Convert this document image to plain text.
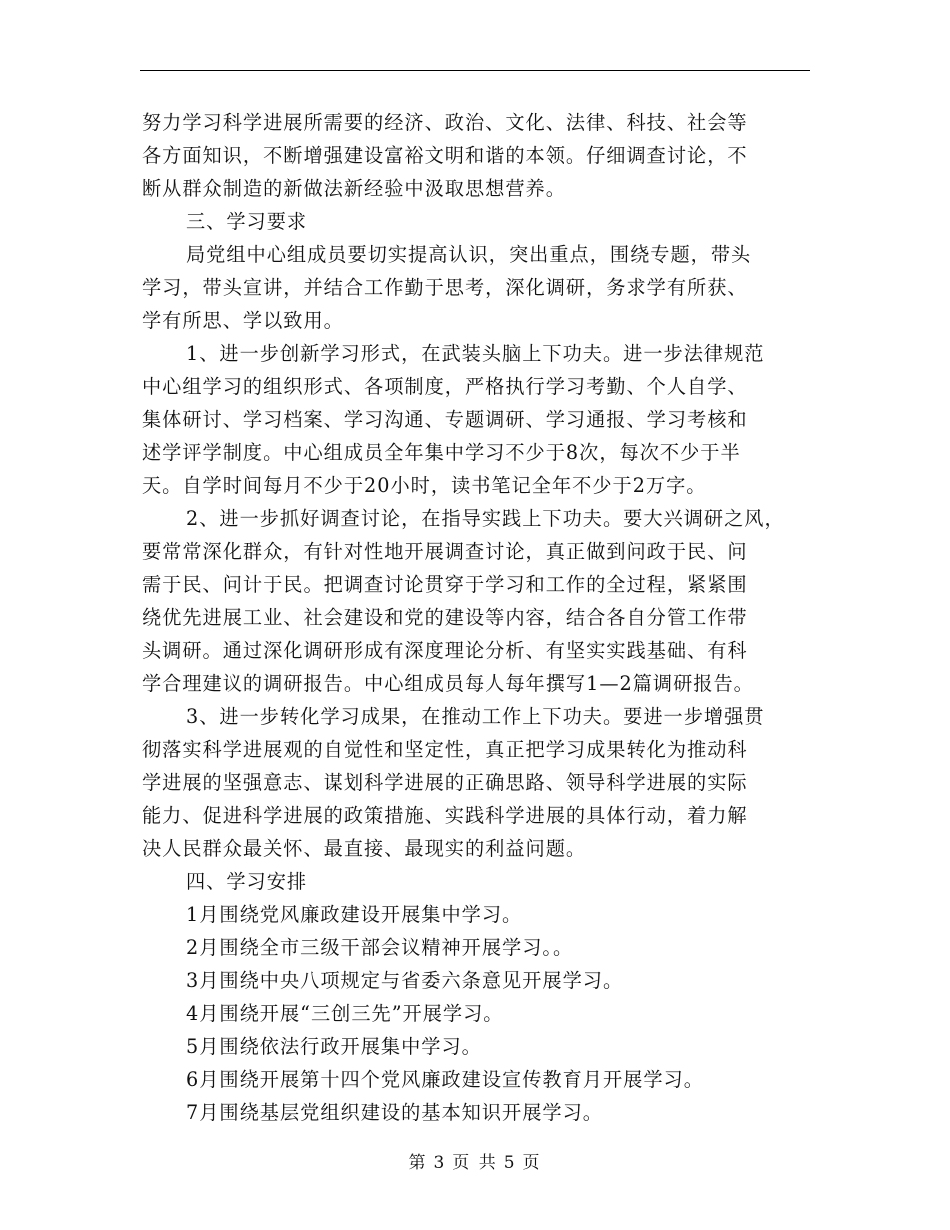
努力学习科学进展所需要的经济、政治、文化、法律、科技、社会等
各方面知识，不断增强建设富裕文明和谐的本领。仔细调查讨论，不
断从群众制造的新做法新经验中汲取思想营养。
三、学习要求
局党组中心组成员要切实提高认识，突出重点，围绕专题，带头
学习，带头宣讲，并结合工作勤于思考，深化调研，务求学有所获、
学有所思、学以致用。
1、进一步创新学习形式，在武装头脑上下功夫。进一步法律规范
中心组学习的组织形式、各项制度，严格执行学习考勤、个人自学、
集体研讨、学习档案、学习沟通、专题调研、学习通报、学习考核和
述学评学制度。中心组成员全年集中学习不少于8次，每次不少于半
天。自学时间每月不少于20小时，读书笔记全年不少于2万字。
2、进一步抓好调查讨论，在指导实践上下功夫。要大兴调研之风，
要常常深化群众，有针对性地开展调查讨论，真正做到问政于民、问
需于民、问计于民。把调查讨论贯穿于学习和工作的全过程，紧紧围
绕优先进展工业、社会建设和党的建设等内容，结合各自分管工作带
头调研。通过深化调研形成有深度理论分析、有坚实实践基础、有科
学合理建议的调研报告。中心组成员每人每年撰写1—2篇调研报告。
3、进一步转化学习成果，在推动工作上下功夫。要进一步增强贯
彻落实科学进展观的自觉性和坚定性，真正把学习成果转化为推动科
学进展的坚强意志、谋划科学进展的正确思路、领导科学进展的实际
能力、促进科学进展的政策措施、实践科学进展的具体行动，着力解
决人民群众最关怀、最直接、最现实的利益问题。
四、学习安排
1月围绕党风廉政建设开展集中学习。
2月围绕全市三级干部会议精神开展学习。。
3月围绕中央八项规定与省委六条意见开展学习。
4月围绕开展“三创三先”开展学习。
5月围绕依法行政开展集中学习。
6月围绕开展第十四个党风廉政建设宣传教育月开展学习。
7月围绕基层党组织建设的基本知识开展学习。
第 3 页 共 5 页
